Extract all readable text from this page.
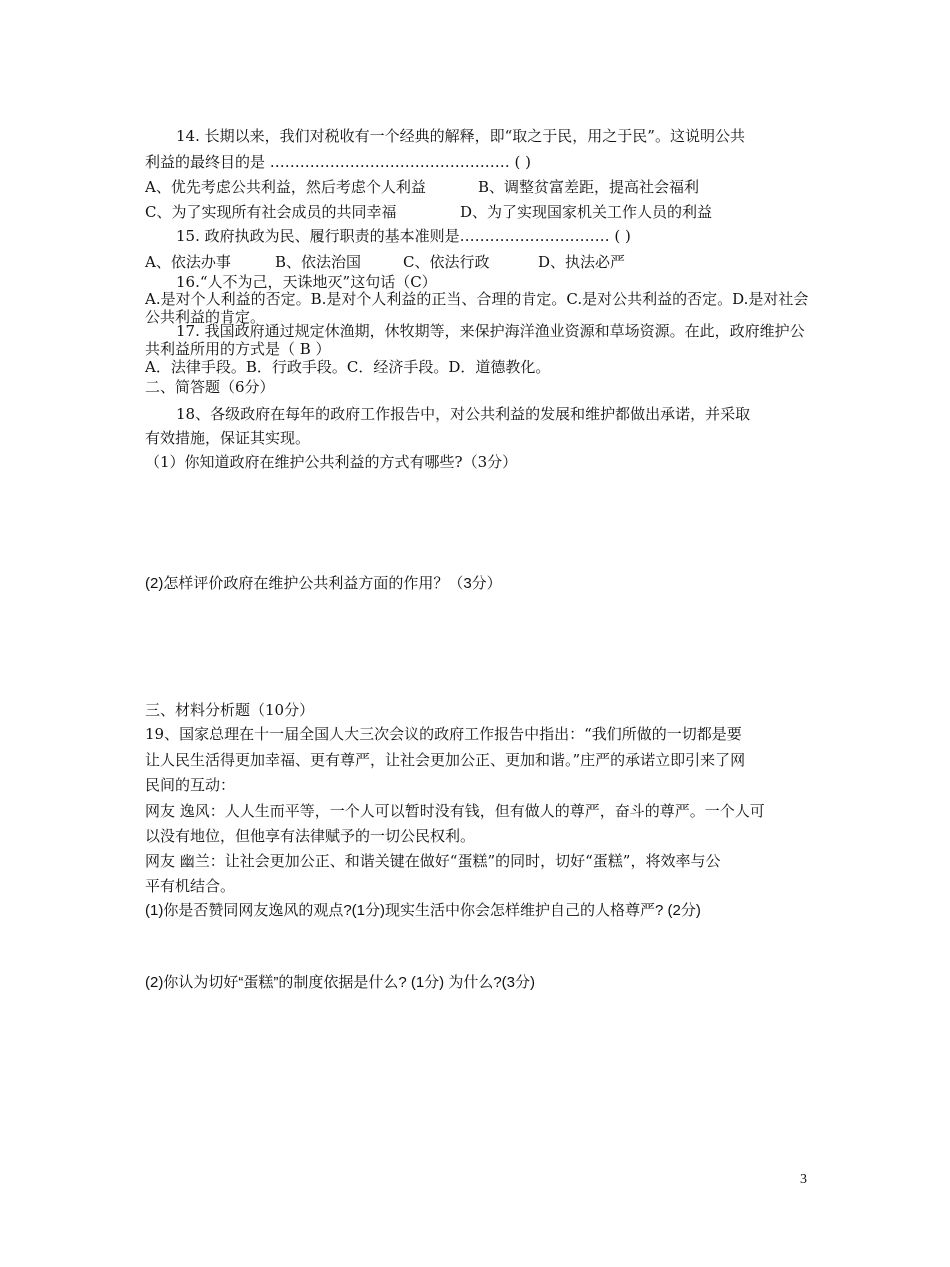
14. 长期以来，我们对税收有一个经典的解释，即“取之于民，用之于民”。这说明公共
利益的最终目的是 ………………………………………… ( )
A、优先考虑公共利益，然后考虑个人利益	B、调整贫富差距，提高社会福利
C、为了实现所有社会成员的共同幸福	D、为了实现国家机关工作人员的利益
15. 政府执政为民、履行职责的基本准则是………………………… ( )
A、依法办事	B、依法治国	C、依法行政	D、执法必严
16.“人不为己，天诛地灭”这句话（C）
A.是对个人利益的否定。B.是对个人利益的正当、合理的肯定。C.是对公共利益的否定。D.是对社会公共利益的肯定。
17. 我国政府通过规定休渔期，休牧期等，来保护海洋渔业资源和草场资源。在此，政府维护公共利益所用的方式是（ B ）
A．法律手段。B．行政手段。C．经济手段。D．道德教化。
二、简答题（6分）
18、各级政府在每年的政府工作报告中，对公共利益的发展和维护都做出承诺，并采取
有效措施，保证其实现。
（1）你知道政府在维护公共利益的方式有哪些?（3分）
(2)怎样评价政府在维护公共利益方面的作用？（3分）
三、材料分析题（10分）
19、国家总理在十一届全国人大三次会议的政府工作报告中指出：“我们所做的一切都是要
让人民生活得更加幸福、更有尊严，让社会更加公正、更加和谐。”庄严的承诺立即引来了网
民间的互动：
网友 逸风：人人生而平等，一个人可以暂时没有钱，但有做人的尊严，奋斗的尊严。一个人可
以没有地位，但他享有法律赋予的一切公民权利。
网友 幽兰：让社会更加公正、和谐关键在做好“蛋糕”的同时，切好“蛋糕”，将效率与公
平有机结合。
(1)你是否赞同网友逸风的观点?(1分)现实生活中你会怎样维护自己的人格尊严? (2分)
(2)你认为切好“蛋糕”的制度依据是什么? (1分) 为什么?(3分)
3
